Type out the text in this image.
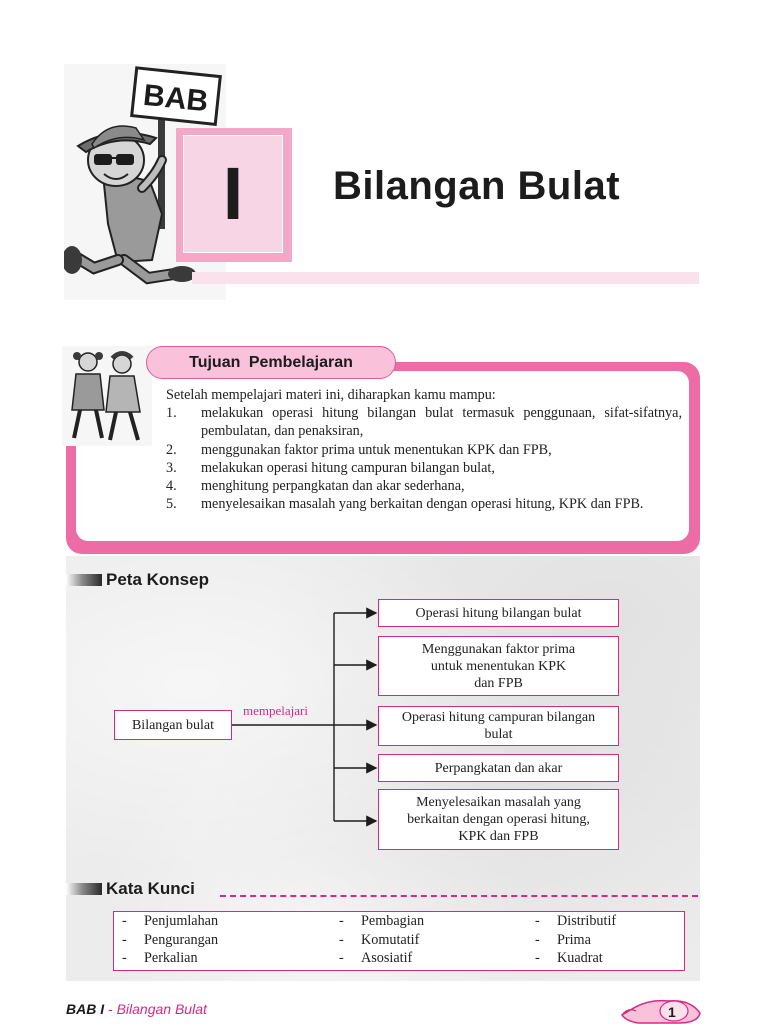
BAB
I Bilangan Bulat
Tujuan Pembelajaran
Setelah mempelajari materi ini, diharapkan kamu mampu:
1. melakukan operasi hitung bilangan bulat termasuk penggunaan, sifat-sifatnya, pembulatan, dan penaksiran,
2. menggunakan faktor prima untuk menentukan KPK dan FPB,
3. melakukan operasi hitung campuran bilangan bulat,
4. menghitung perpangkatan dan akar sederhana,
5. menyelesaikan masalah yang berkaitan dengan operasi hitung, KPK dan FPB.
Peta Konsep
Bilangan bulat
mempelajari
Operasi hitung bilangan bulat
Menggunakan faktor prima
untuk menentukan KPK
dan FPB
Operasi hitung campuran bilangan
bulat
Perpangkatan dan akar
Menyelesaikan masalah yang
berkaitan dengan operasi hitung,
KPK dan FPB
Kata Kunci
- Penjumlahan
- Pengurangan
- Perkalian
- Pembagian
- Komutatif
- Asosiatif
- Distributif
- Prima
- Kuadrat
BAB I - Bilangan Bulat	1
